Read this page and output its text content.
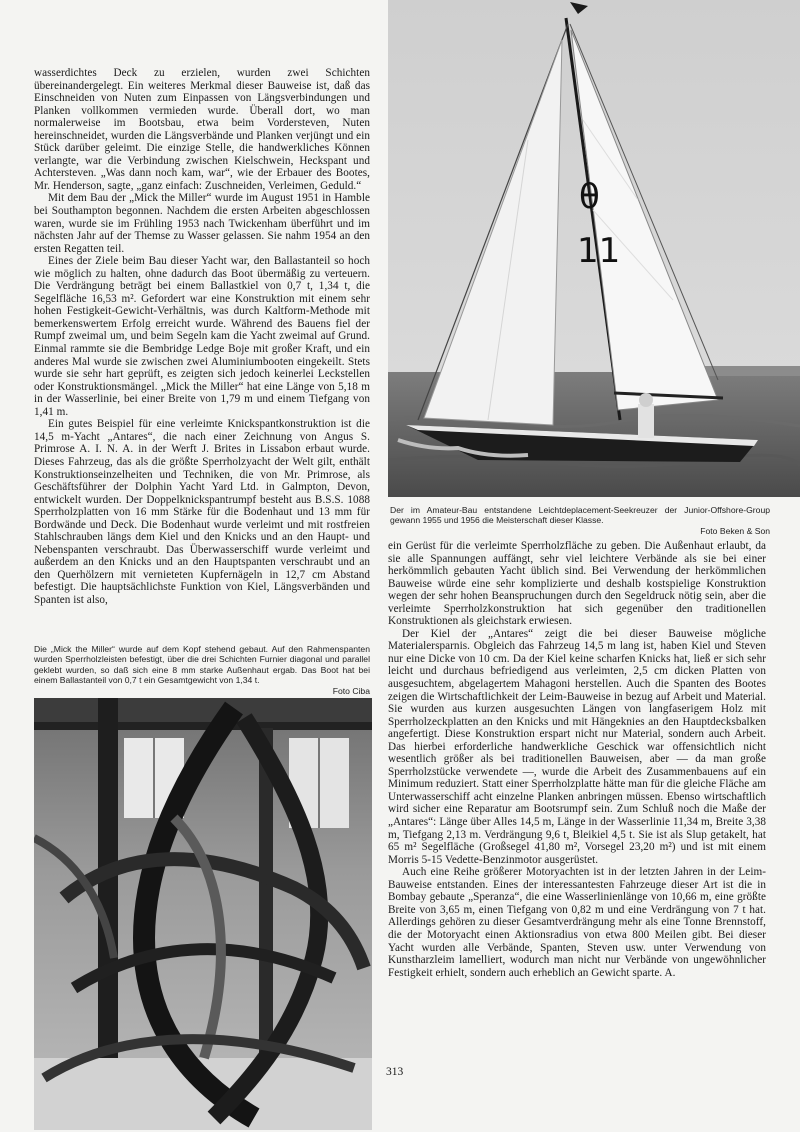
wasserdichtes Deck zu erzielen, wurden zwei Schichten übereinandergelegt. Ein weiteres Merkmal dieser Bauweise ist, daß das Einschneiden von Nuten zum Einpassen von Längsverbindungen und Planken vollkommen vermieden wurde. Überall dort, wo man normalerweise im Bootsbau, etwa beim Vordersteven, Nuten hereinschneidet, wurden die Längsverbände und Planken verjüngt und ein Stück darüber geleimt. Die einzige Stelle, die handwerkliches Können verlangte, war die Verbindung zwischen Kielschwein, Heckspant und Achtersteven. „Was dann noch kam, war“, wie der Erbauer des Bootes, Mr. Henderson, sagte, „ganz einfach: Zuschneiden, Verleimen, Geduld.“

Mit dem Bau der „Mick the Miller“ wurde im August 1951 in Hamble bei Southampton begonnen. Nachdem die ersten Arbeiten abgeschlossen waren, wurde sie im Frühling 1953 nach Twickenham überführt und im nächsten Jahr auf der Themse zu Wasser gelassen. Sie nahm 1954 an den ersten Regatten teil.

Eines der Ziele beim Bau dieser Yacht war, den Ballastanteil so hoch wie möglich zu halten, ohne dadurch das Boot übermäßig zu verteuern. Die Verdrängung beträgt bei einem Ballastkiel von 0,7 t, 1,34 t, die Segelfläche 16,53 m². Gefordert war eine Konstruktion mit einem sehr hohen Festigkeit-Gewicht-Verhältnis, was durch Kaltform-Methode mit bemerkenswertem Erfolg erreicht wurde. Während des Bauens fiel der Rumpf zweimal um, und beim Segeln kam die Yacht zweimal auf Grund. Einmal rammte sie die Bembridge Ledge Boje mit großer Kraft, und ein anderes Mal wurde sie zwischen zwei Aluminiumbooten eingekeilt. Stets wurde sie sehr hart geprüft, es zeigten sich jedoch keinerlei Leckstellen oder Konstruktionsmängel. „Mick the Miller“ hat eine Länge von 5,18 m in der Wasserlinie, bei einer Breite von 1,79 m und einem Tiefgang von 1,41 m.

Ein gutes Beispiel für eine verleimte Knickspantkonstruktion ist die 14,5 m-Yacht „Antares“, die nach einer Zeichnung von Angus S. Primrose A. I. N. A. in der Werft J. Brites in Lissabon erbaut wurde. Dieses Fahrzeug, das als die größte Sperrholzyacht der Welt gilt, enthält Konstruktionseinzelheiten und Techniken, die von Mr. Primrose, als Geschäftsführer der Dolphin Yacht Yard Ltd. in Galmpton, Devon, entwickelt wurden. Der Doppelknickspantrumpf besteht aus B.S.S. 1088 Sperrholzplatten von 16 mm Stärke für die Bodenhaut und 13 mm für Bordwände und Deck. Die Bodenhaut wurde verleimt und mit rostfreien Stahlschrauben längs dem Kiel und den Knicks und an den Haupt- und Nebenspanten verschraubt. Das Überwasserschiff wurde verleimt und außerdem an den Knicks und an den Hauptspanten verschraubt und an den Querhölzern mit vernieteten Kupfernägeln in 12,7 cm Abstand befestigt. Die hauptsächlichste Funktion von Kiel, Längsverbänden und Spanten ist also,

Die „Mick the Miller“ wurde auf dem Kopf stehend gebaut. Auf den Rahmenspanten wurden Sperrholzleisten befestigt, über die drei Schichten Furnier diagonal und parallel geklebt wurden, so daß sich eine 8 mm starke Außenhaut ergab. Das Boot hat bei einem Ballastanteil von 0,7 t ein Gesamtgewicht von 1,34 t.
Foto Ciba

θ
11

Der im Amateur-Bau entstandene Leichtdeplacement-Seekreuzer der Junior-Offshore-Group gewann 1955 und 1956 die Meisterschaft dieser Klasse.
Foto Beken & Son

ein Gerüst für die verleimte Sperrholzfläche zu geben. Die Außenhaut erlaubt, da sie alle Spannungen auffängt, sehr viel leichtere Verbände als sie bei einer herkömmlich gebauten Yacht üblich sind. Bei Verwendung der herkömmlichen Bauweise würde eine sehr komplizierte und deshalb kostspielige Konstruktion wegen der sehr hohen Beanspruchungen durch den Segeldruck nötig sein, aber die verleimte Sperrholzkonstruktion hat sich gegenüber den traditionellen Konstruktionen als gleichstark erwiesen.

Der Kiel der „Antares“ zeigt die bei dieser Bauweise mögliche Materialersparnis. Obgleich das Fahrzeug 14,5 m lang ist, haben Kiel und Steven nur eine Dicke von 10 cm. Da der Kiel keine scharfen Knicks hat, ließ er sich sehr leicht und durchaus befriedigend aus verleimten, 2,5 cm dicken Platten von ausgesuchtem, abgelagertem Mahagoni herstellen. Auch die Spanten des Bootes zeigen die Wirtschaftlichkeit der Leim-Bauweise in bezug auf Arbeit und Material. Sie wurden aus kurzen ausgesuchten Längen von langfaserigem Holz mit Sperrholzeckplatten an den Knicks und mit Hängeknies an den Hauptdecksbalken angefertigt. Diese Konstruktion erspart nicht nur Material, sondern auch Arbeit. Das hierbei erforderliche handwerkliche Geschick war offensichtlich nicht wesentlich größer als bei traditionellen Bauweisen, aber — da man große Sperrholzstücke verwendete —, wurde die Arbeit des Zusammenbauens auf ein Minimum reduziert. Statt einer Sperrholzplatte hätte man für die gleiche Fläche am Unterwasserschiff acht einzelne Planken anbringen müssen. Ebenso wirtschaftlich wird sicher eine Reparatur am Bootsrumpf sein. Zum Schluß noch die Maße der „Antares“: Länge über Alles 14,5 m, Länge in der Wasserlinie 11,34 m, Breite 3,38 m, Tiefgang 2,13 m. Verdrängung 9,6 t, Bleikiel 4,5 t. Sie ist als Slup getakelt, hat 65 m² Segelfläche (Großsegel 41,80 m², Vorsegel 23,20 m²) und ist mit einem Morris 5-15 Vedette-Benzinmotor ausgerüstet.

Auch eine Reihe größerer Motoryachten ist in der letzten Jahren in der Leim-Bauweise entstanden. Eines der interessantesten Fahrzeuge dieser Art ist die in Bombay gebaute „Speranza“, die eine Wasserlinienlänge von 10,66 m, eine größte Breite von 3,65 m, einen Tiefgang von 0,82 m und eine Verdrängung von 7 t hat. Allerdings gehören zu dieser Gesamtverdrängung mehr als eine Tonne Brennstoff, die der Motoryacht einen Aktionsradius von etwa 800 Meilen gibt. Bei dieser Yacht wurden alle Verbände, Spanten, Steven usw. unter Verwendung von Kunstharzleim lamelliert, wodurch man nicht nur Verbände von ungewöhnlicher Festigkeit erhielt, sondern auch erheblich an Gewicht sparte. A.

313
